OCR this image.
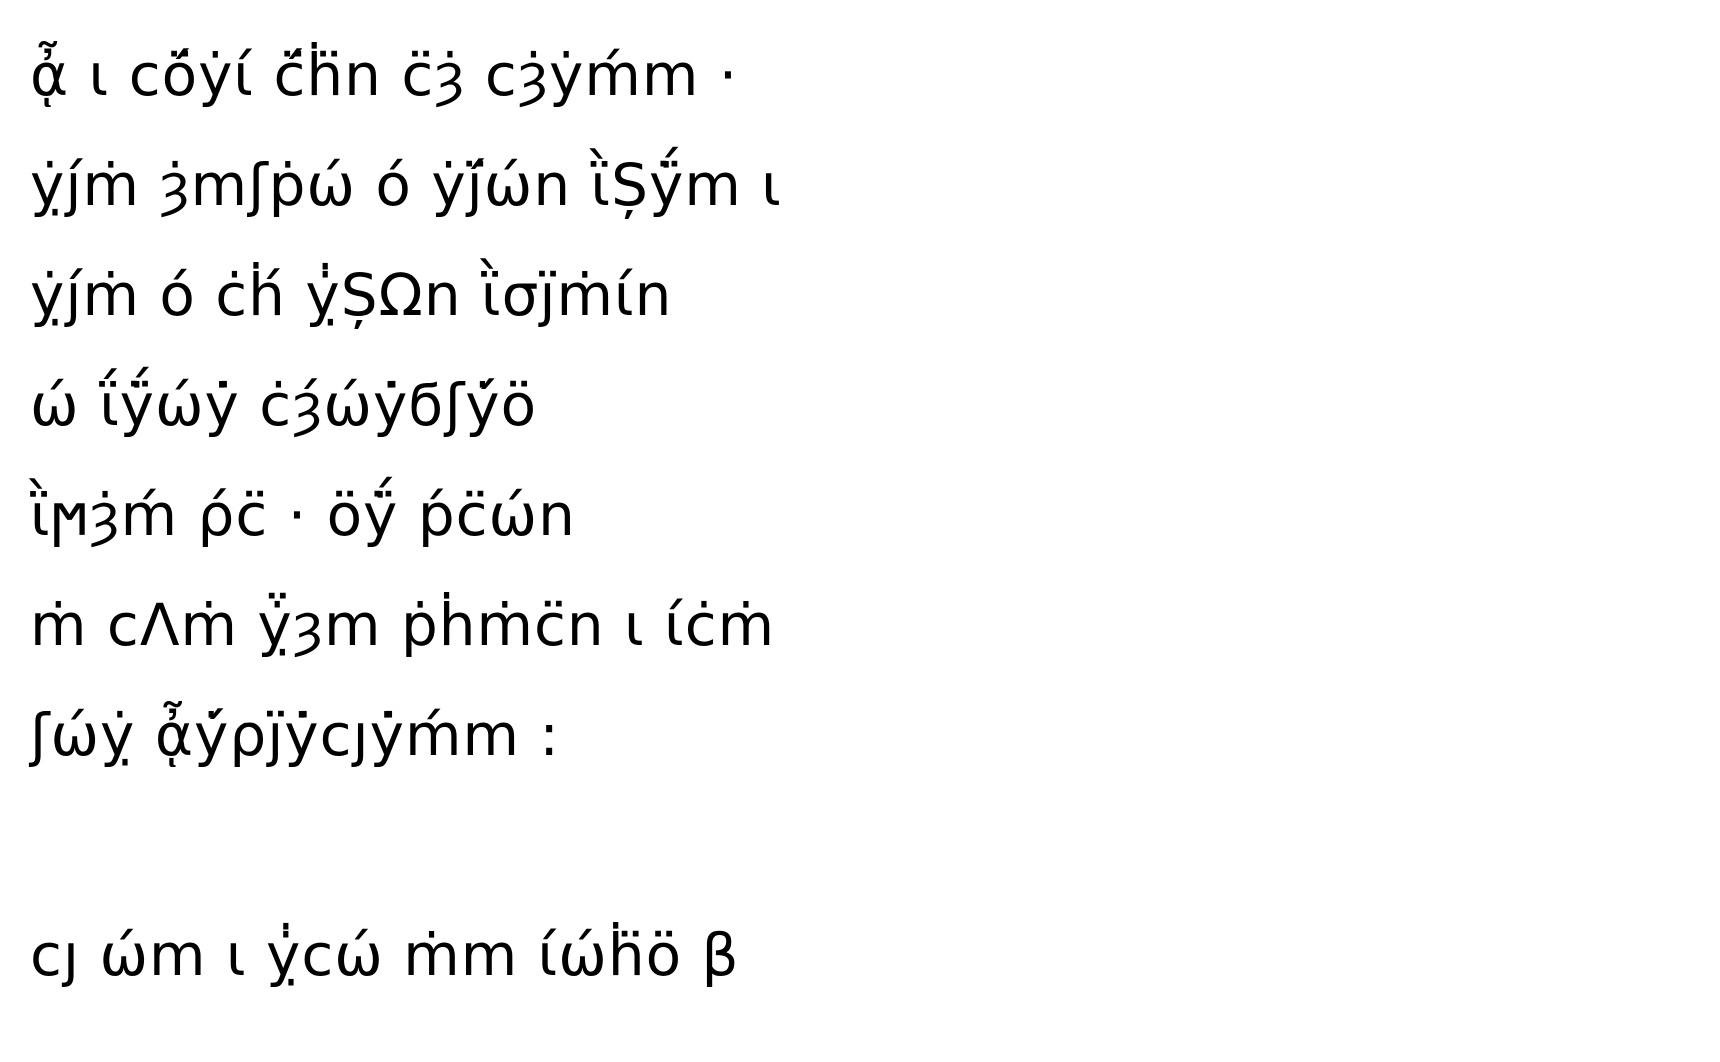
ᾆ ι ϲο̈́ẏί ϲ̈́ḣ̈n ϲ̈ȝ̇ ϲȝ̇ẏḿm ·
ỵ̇ȷ́ṁ ȝ̇mʃṗώ ό ẏȷ̈́ώn ῒȘẏ̈́m ι
ỵ̇ȷ́ṁ ό ϲ̇ḣ́ ỵ̇̇ȘΩn ῒσȷ̈ṁίn
ώ ΐẏ̈́ώẏ̇ ϲ̇ȝ́ώẏ̇ϭʃẏ́ο̈
ῒϻȝ̇ḿ ρ́ϲ̈ · ο̈ẏ̈́ ṕϲ̈ώn
ṁ ϲΛṁ ỵ̇̈ȝm ṗḣṁϲ̈n ι ίϲ̇ṁ
ʃώỵ̇ ᾆẏ́ρȷ̈ẏ̇ϲȷẏ̇ḿm :
ϲȷ ώm ι ỵ̇̇ϲώ ṁm ίώḣ̈ο̈ β
